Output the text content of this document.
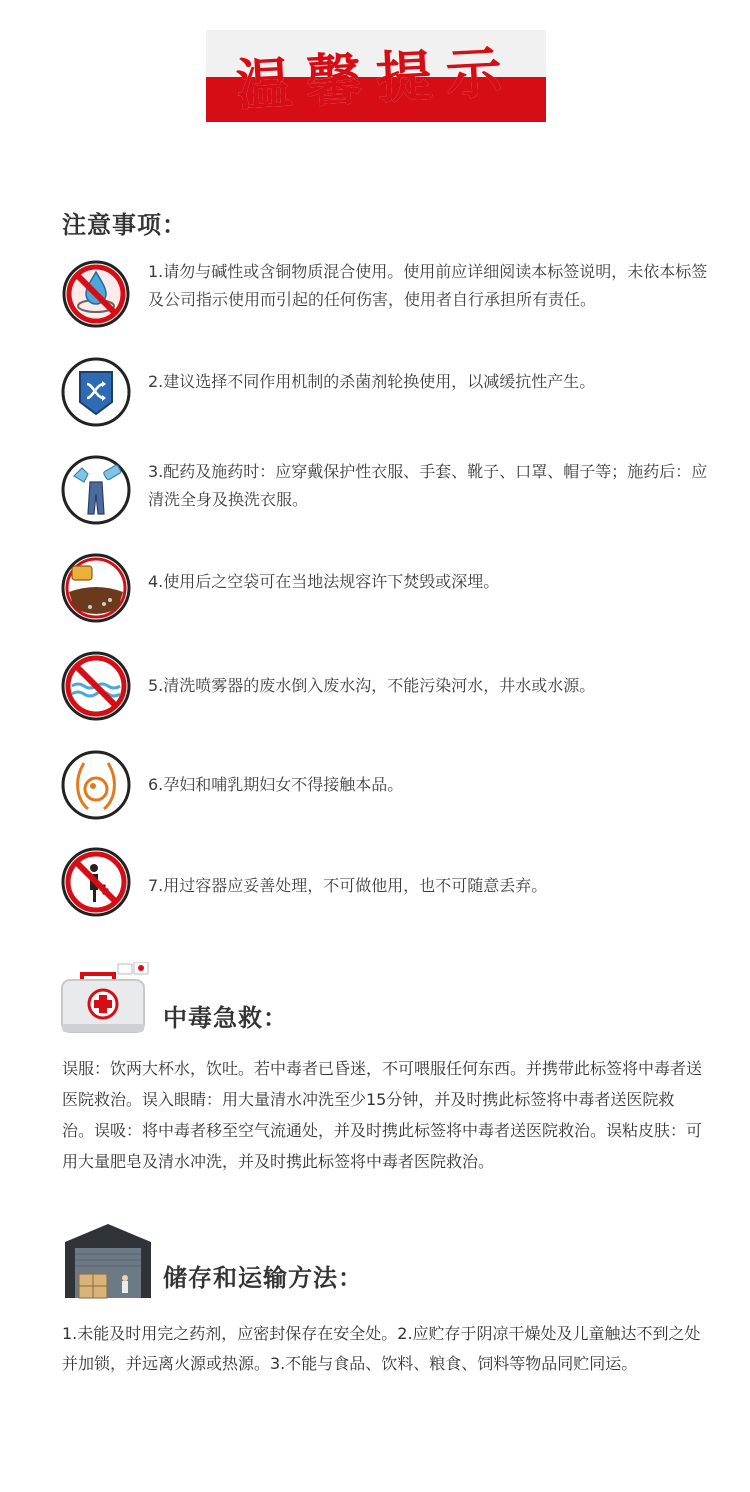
温馨提示
注意事项：
1.请勿与碱性或含铜物质混合使用。使用前应详细阅读本标签说明，未依本标签及公司指示使用而引起的任何伤害，使用者自行承担所有责任。
2.建议选择不同作用机制的杀菌剂轮换使用，以减缓抗性产生。
3.配药及施药时：应穿戴保护性衣服、手套、靴子、口罩、帽子等；施药后：应清洗全身及换洗衣服。
4.使用后之空袋可在当地法规容许下焚毁或深埋。
5.清洗喷雾器的废水倒入废水沟，不能污染河水，井水或水源。
6.孕妇和哺乳期妇女不得接触本品。
7.用过容器应妥善处理，不可做他用，也不可随意丢弃。
中毒急救：
误服：饮两大杯水，饮吐。若中毒者已昏迷，不可喂服任何东西。并携带此标签将中毒者送医院救治。误入眼睛：用大量清水冲洗至少15分钟，并及时携此标签将中毒者送医院救治。误吸：将中毒者移至空气流通处，并及时携此标签将中毒者送医院救治。误粘皮肤：可用大量肥皂及清水冲洗，并及时携此标签将中毒者医院救治。
储存和运输方法：
1.未能及时用完之药剂，应密封保存在安全处。2.应贮存于阴凉干燥处及儿童触达不到之处并加锁，并远离火源或热源。3.不能与食品、饮料、粮食、饲料等物品同贮同运。
